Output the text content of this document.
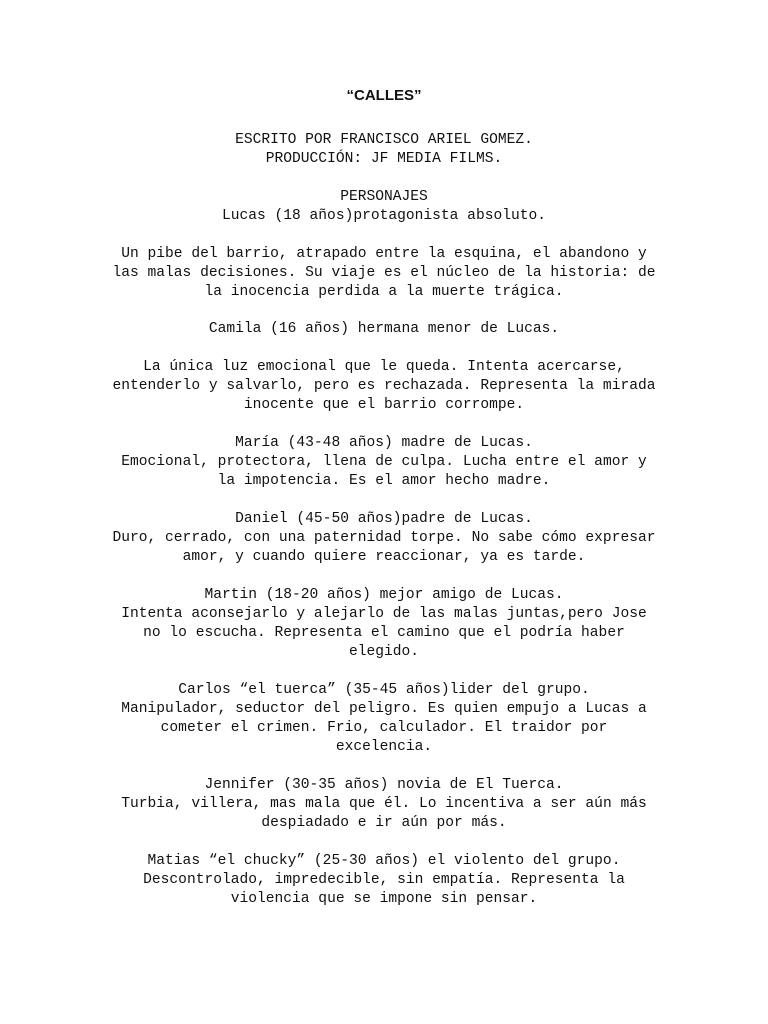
“CALLES”

ESCRITO POR FRANCISCO ARIEL GOMEZ.

PRODUCCIÓN: JF MEDIA FILMS.

PERSONAJES

Lucas (18 años)protagonista absoluto.

Un pibe del barrio, atrapado entre la esquina, el abandono y
las malas decisiones. Su viaje es el núcleo de la historia: de
la inocencia perdida a la muerte trágica.

Camila (16 años) hermana menor de Lucas.

La única luz emocional que le queda. Intenta acercarse,
entenderlo y salvarlo, pero es rechazada. Representa la mirada
inocente que el barrio corrompe.

María (43-48 años) madre de Lucas.

Emocional, protectora, llena de culpa. Lucha entre el amor y
la impotencia. Es el amor hecho madre.

Daniel (45-50 años)padre de Lucas.

Duro, cerrado, con una paternidad torpe. No sabe cómo expresar
amor, y cuando quiere reaccionar, ya es tarde.

Martin (18-20 años) mejor amigo de Lucas.

Intenta aconsejarlo y alejarlo de las malas juntas,pero Jose
no lo escucha. Representa el camino que el podría haber
elegido.

Carlos “el tuerca” (35-45 años)lider del grupo.

Manipulador, seductor del peligro. Es quien empujo a Lucas a
cometer el crimen. Frio, calculador. El traidor por
excelencia.

Jennifer (30-35 años) novia de El Tuerca.

Turbia, villera, mas mala que él. Lo incentiva a ser aún más
despiadado e ir aún por más.

Matias “el chucky” (25-30 años) el violento del grupo.

Descontrolado, impredecible, sin empatía. Representa la
violencia que se impone sin pensar.
